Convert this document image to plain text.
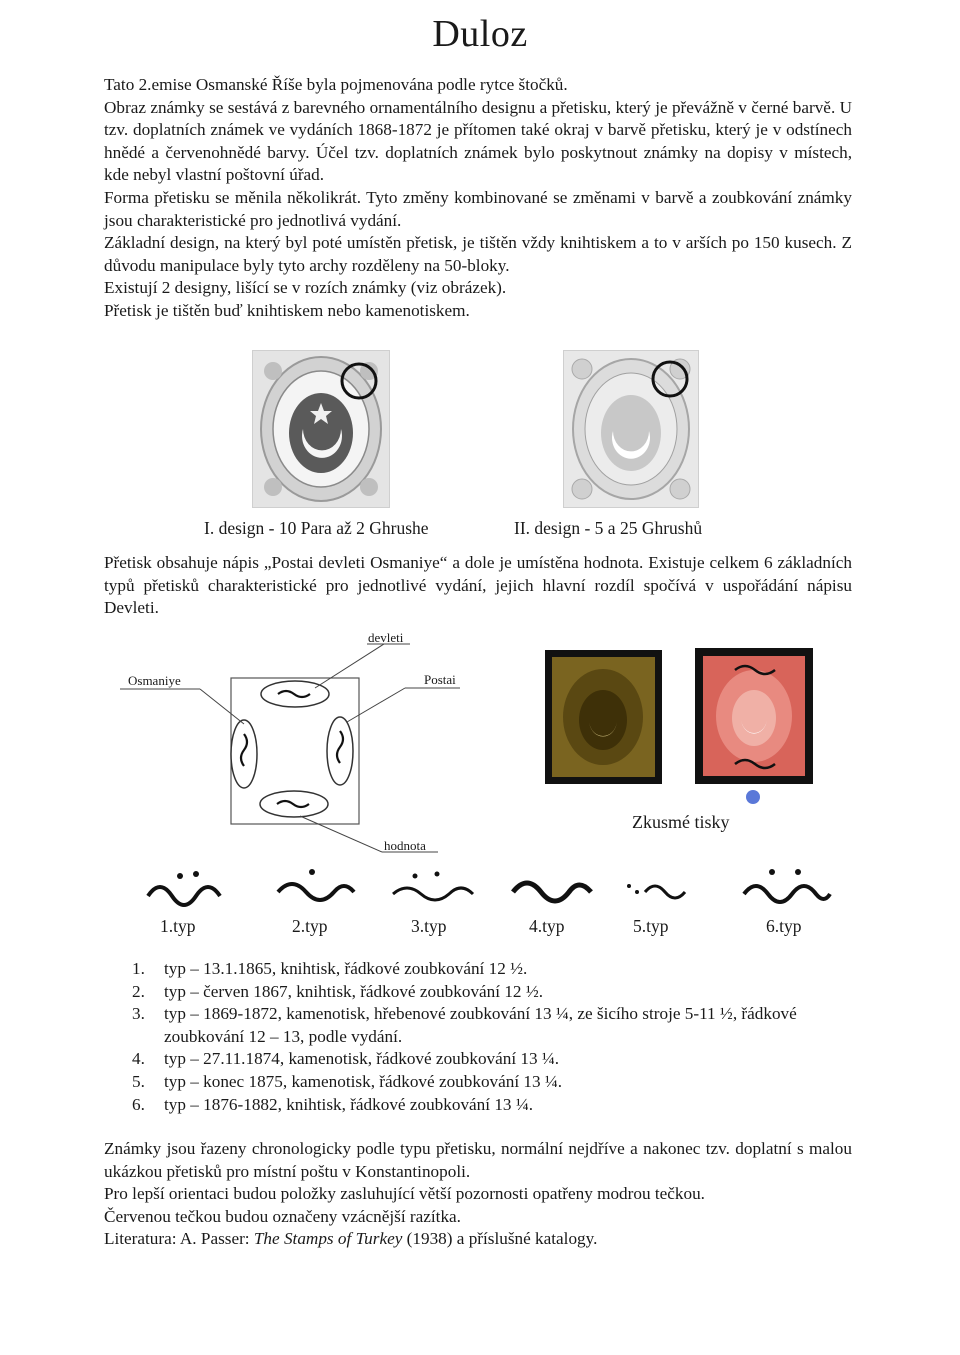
Duloz

Tato 2.emise Osmanské Říše byla pojmenována podle rytce štočků.

Obraz známky se sestává z barevného ornamentálního designu a přetisku, který je převážně v černé barvě. U tzv. doplatních známek ve vydáních 1868-1872 je přítomen také okraj v barvě přetisku, který je v odstínech hnědé a červenohnědé barvy. Účel tzv. doplatních známek bylo poskytnout známky na dopisy v místech, kde nebyl vlastní poštovní úřad.

Forma přetisku se měnila několikrát. Tyto změny kombinované se změnami v barvě a zoubkování známky jsou charakteristické pro jednotlivá vydání.

Základní design, na který byl poté umístěn přetisk, je tištěn vždy knihtiskem a to v arších po 150 kusech. Z důvodu manipulace byly tyto archy rozděleny na 50-bloky.

Existují 2 designy, lišící se v rozích známky (viz obrázek).

Přetisk je tištěn buď knihtiskem nebo kamenotiskem.

I. design - 10 Para až 2 Ghrushe	II. design - 5 a 25 Ghrushů

Přetisk obsahuje nápis „Postai devleti Osmaniye“ a dole je umístěna hodnota. Existuje celkem 6 základních typů přetisků charakteristické pro jednotlivé vydání, jejich hlavní rozdíl spočívá v uspořádání nápisu Devleti.

devleti
Osmaniye	Postai
hodnota
Zkusmé tisky
1.typ	2.typ	3.typ	4.typ	5.typ	6.typ
1.	typ – 13.1.1865, knihtisk, řádkové zoubkování 12 ½.
2.	typ – červen 1867, knihtisk, řádkové zoubkování 12 ½.
3.	typ – 1869-1872, kamenotisk, hřebenové zoubkování 13 ¼, ze šicího stroje 5-11 ½, řádkové zoubkování 12 – 13, podle vydání.
4.	typ – 27.11.1874, kamenotisk, řádkové zoubkování 13 ¼.
5.	typ – konec 1875, kamenotisk, řádkové zoubkování 13 ¼.
6.	typ – 1876-1882, knihtisk, řádkové zoubkování 13 ¼.

Známky jsou řazeny chronologicky podle typu přetisku, normální nejdříve a nakonec tzv. doplatní s malou ukázkou přetisků pro místní poštu v Konstantinopoli.

Pro lepší orientaci budou položky zasluhující větší pozornosti opatřeny modrou tečkou.

Červenou tečkou budou označeny vzácnější razítka.

Literatura: A. Passer: The Stamps of Turkey (1938) a příslušné katalogy.
